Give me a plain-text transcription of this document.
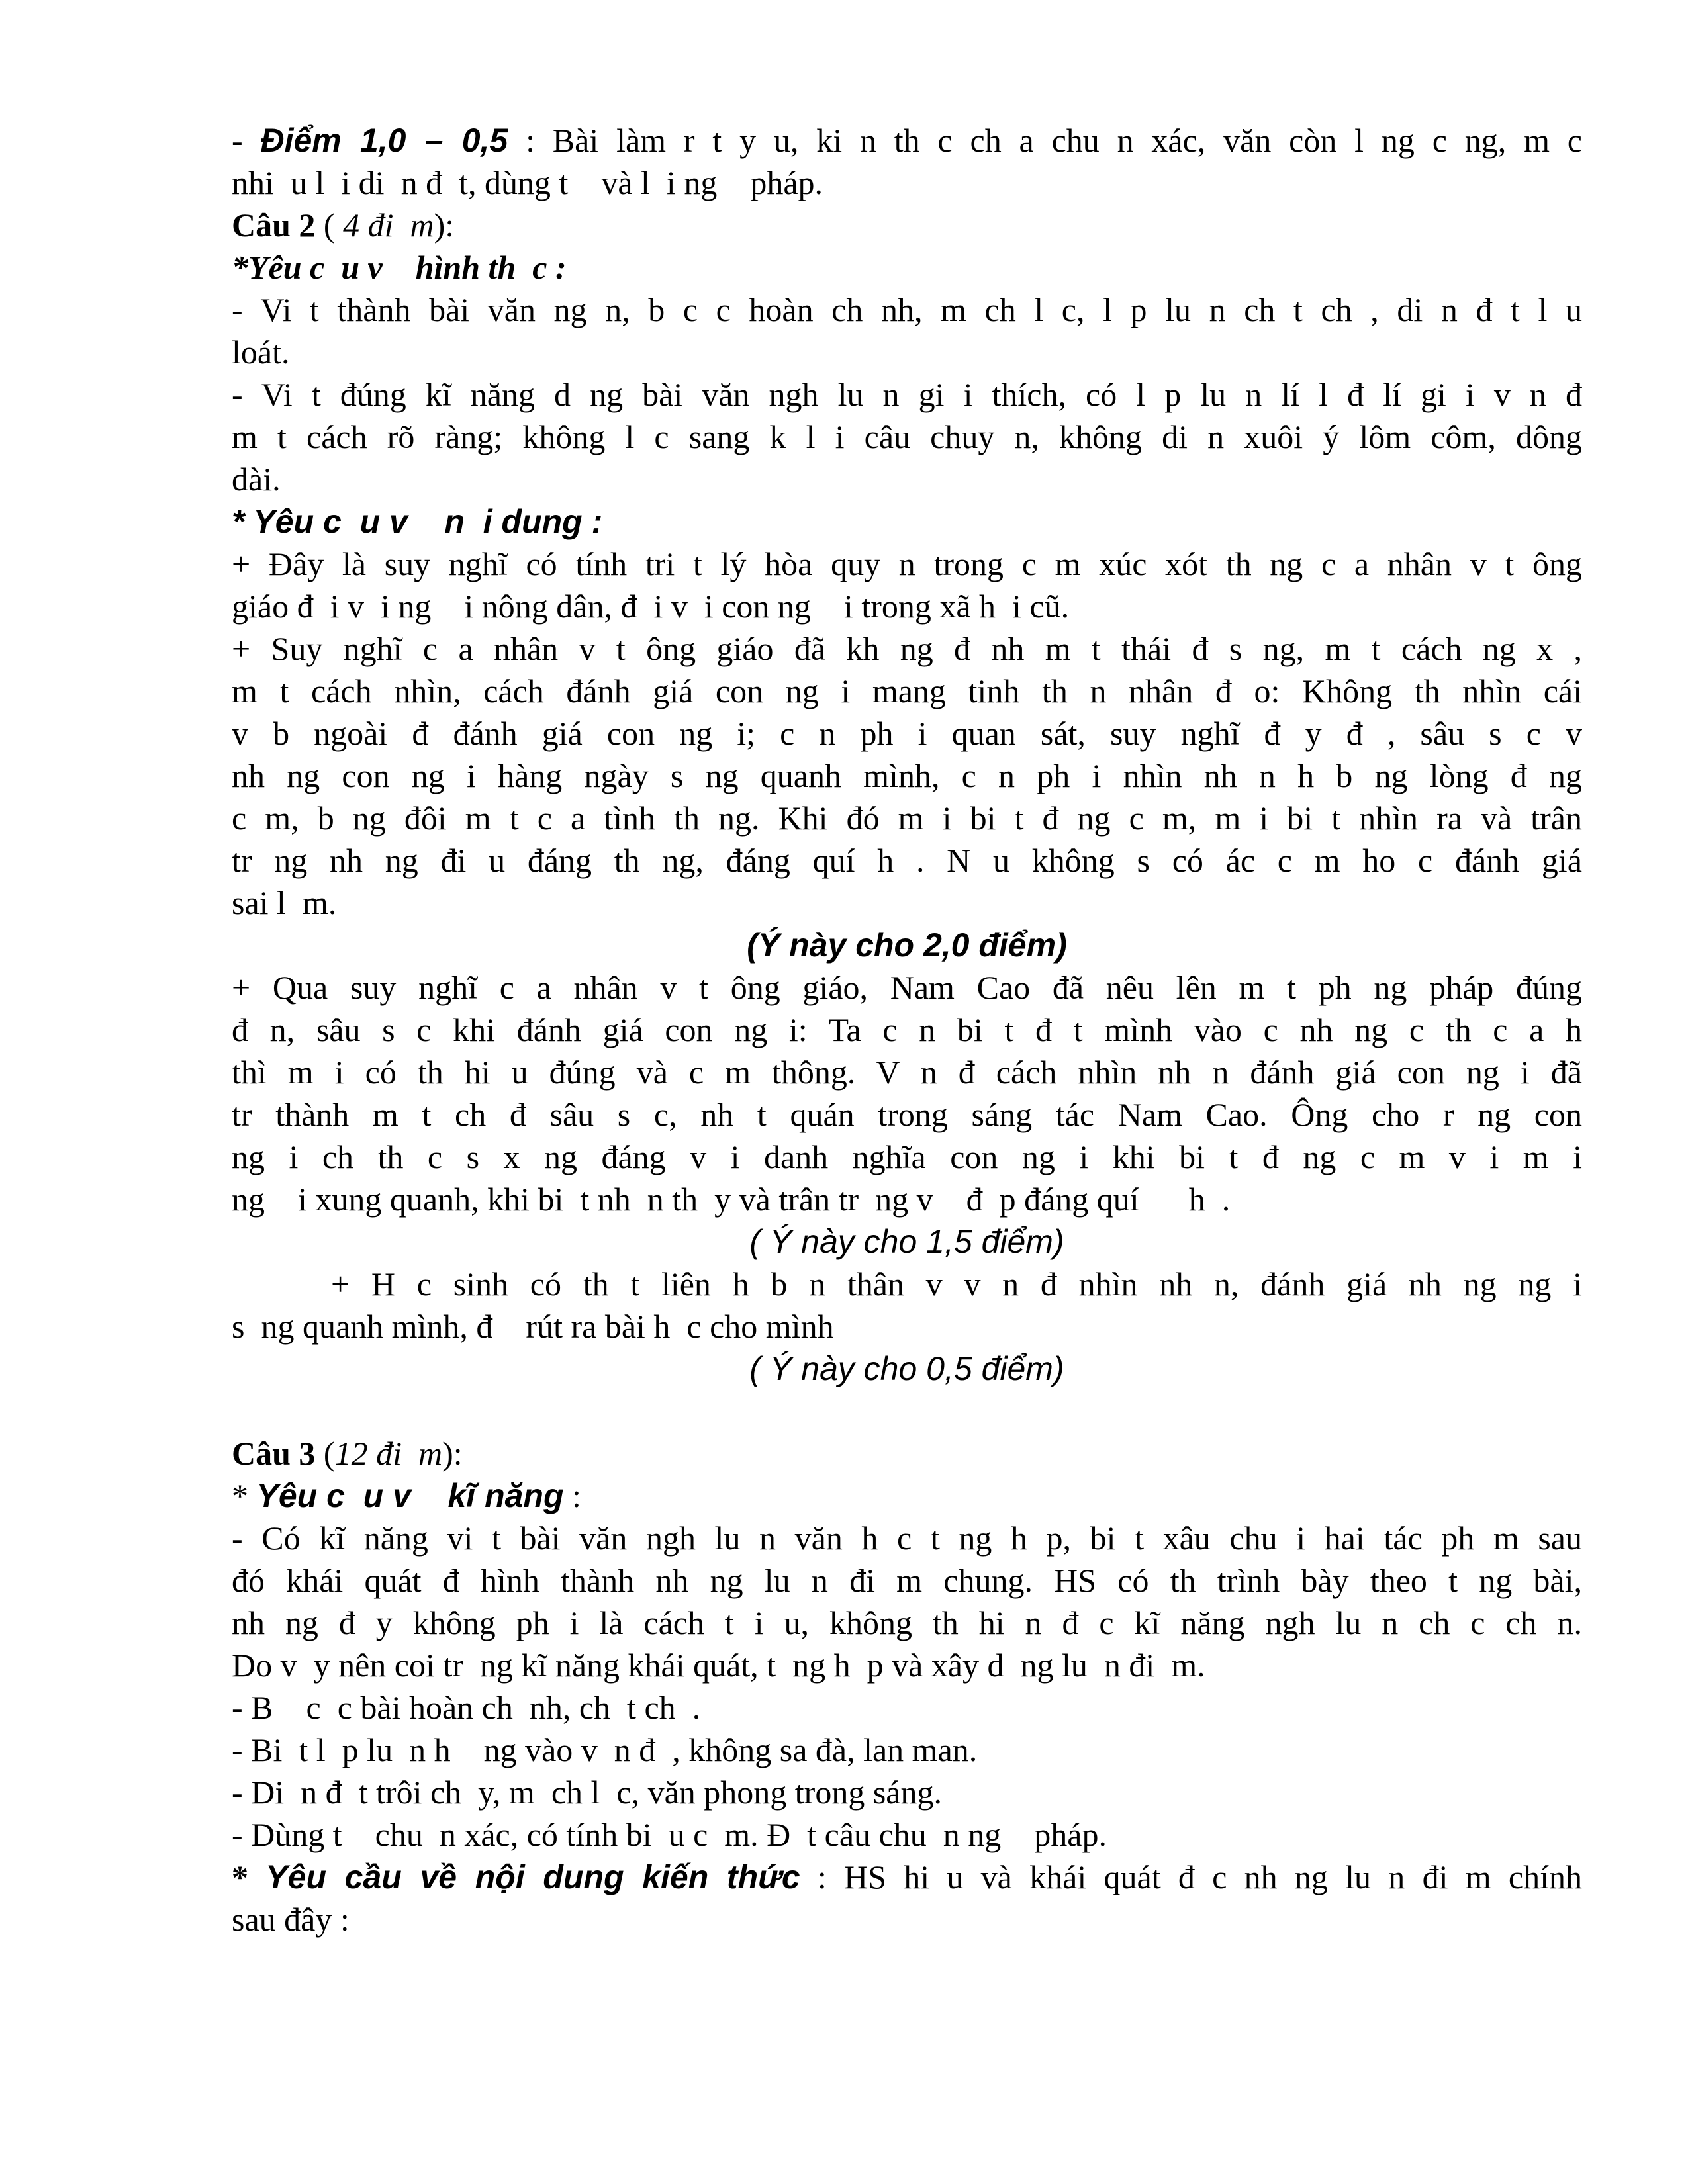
- Điểm 1,0 – 0,5 : Bài làm r t y u, ki n th c ch a chu n xác, văn còn l ng c ng, m c

nhi  u l  i di  n đ  t, dùng t    và l  i ng    pháp.

Câu 2 ( 4 đi  m):

*Yêu c  u v    hình th  c :

- Vi t thành bài văn ng n, b c c hoàn ch nh, m ch l c, l p lu n ch t ch , di n đ t l u

loát.

- Vi t đúng kĩ năng d ng bài văn ngh lu n gi i thích, có l p lu n lí l đ lí gi i v n đ

m t cách rõ ràng; không l c sang k l i câu chuy n, không di n xuôi ý lôm côm, dông

dài.

* Yêu c  u v    n  i dung :

+ Đây là suy nghĩ có tính tri t lý hòa quy n trong c m xúc xót th ng c a nhân v t ông

giáo đ  i v  i ng    i nông dân, đ  i v  i con ng    i trong xã h  i cũ.

+ Suy nghĩ c a nhân v t ông giáo đã kh ng đ nh m t thái đ s ng, m t cách ng x ,

m t cách nhìn, cách đánh giá con ng i mang tinh th n nhân đ o: Không th nhìn cái

v b ngoài đ đánh giá con ng i; c n ph i quan sát, suy nghĩ đ y đ , sâu s c v

nh ng con ng i hàng ngày s ng quanh mình, c n ph i nhìn nh n h b ng lòng đ ng

c m, b ng đôi m t c a tình th ng. Khi đó m i bi t đ ng c m, m i bi t nhìn ra và trân

tr ng nh ng đi u đáng th ng, đáng quí h . N u không s có ác c m ho c đánh giá

sai l  m.

(Ý này cho 2,0 điểm)

+ Qua suy nghĩ c a nhân v t ông giáo, Nam Cao đã nêu lên m t ph ng pháp đúng

đ n, sâu s c khi đánh giá con ng i: Ta c n bi t đ t mình vào c nh ng c th c a h

thì m i có th hi u đúng và c m thông. V n đ cách nhìn nh n đánh giá con ng i đã

tr thành m t ch đ sâu s c, nh t quán trong sáng tác Nam Cao. Ông cho r ng con

ng i ch th c s x ng đáng v i danh nghĩa con ng i khi bi t đ ng c m v i m i

ng    i xung quanh, khi bi  t nh  n th  y và trân tr  ng v    đ  p đáng quí      h  .

( Ý này cho 1,5 điểm)

+ H c sinh có th t liên h b n thân v v n đ nhìn nh n, đánh giá nh ng ng i

s  ng quanh mình, đ    rút ra bài h  c cho mình

( Ý này cho 0,5 điểm)

Câu 3 (12 đi  m):

* Yêu c  u v    kĩ năng :

- Có kĩ năng vi t bài văn ngh lu n văn h c t ng h p, bi t xâu chu i hai tác ph m sau

đó khái quát đ hình thành nh ng lu n đi m chung. HS có th trình bày theo t ng bài,

nh ng đ y không ph i là cách t i u, không th hi n đ c kĩ năng ngh lu n ch c ch n.

Do v  y nên coi tr  ng kĩ năng khái quát, t  ng h  p và xây d  ng lu  n đi  m.

- B    c  c bài hoàn ch  nh, ch  t ch  .

- Bi  t l  p lu  n h    ng vào v  n đ  , không sa đà, lan man.

- Di  n đ  t trôi ch  y, m  ch l  c, văn phong trong sáng.

- Dùng t    chu  n xác, có tính bi  u c  m. Đ  t câu chu  n ng    pháp.

* Yêu cầu về nội dung kiến thức : HS hi u và khái quát đ c nh ng lu n đi m chính

sau đây :
